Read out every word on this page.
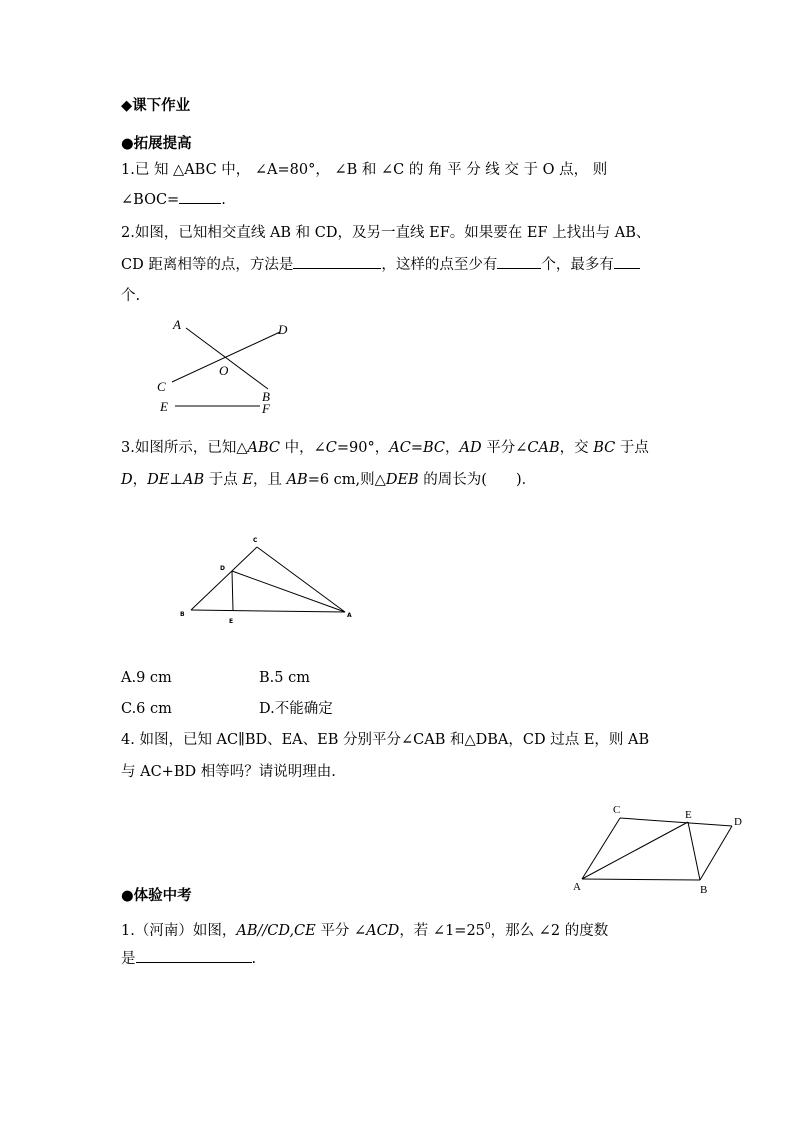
◆课下作业
●拓展提高
1.已 知 △ABC 中， ∠A=80°， ∠B 和 ∠C 的 角 平 分 线 交 于 O 点， 则
∠BOC=	.
2.如图，已知相交直线 AB 和 CD，及另一直线 EF。如果要在 EF 上找出与 AB、
CD 距离相等的点，方法是	，这样的点至少有	个，最多有
个.
A	D
O
C
B
E	F
3.如图所示，已知△ABC 中，∠C=90°，AC=BC，AD 平分∠CAB，交 BC 于点
D，DE⊥AB 于点 E，且 AB=6 cm,则△DEB 的周长为(　　)．
C
D
B
E
A
A.9 cm	B.5 cm
C.6 cm	D.不能确定
4. 如图，已知 AC∥BD、EA、EB 分别平分∠CAB 和△DBA，CD 过点 E，则 AB
与 AC+BD 相等吗？请说明理由.
C	E
D
A	B
●体验中考
1.（河南）如图，AB//CD,CE 平分 ∠ACD，若 $\angle 1=25^0$，那么 ∠2 的度数
是	.
